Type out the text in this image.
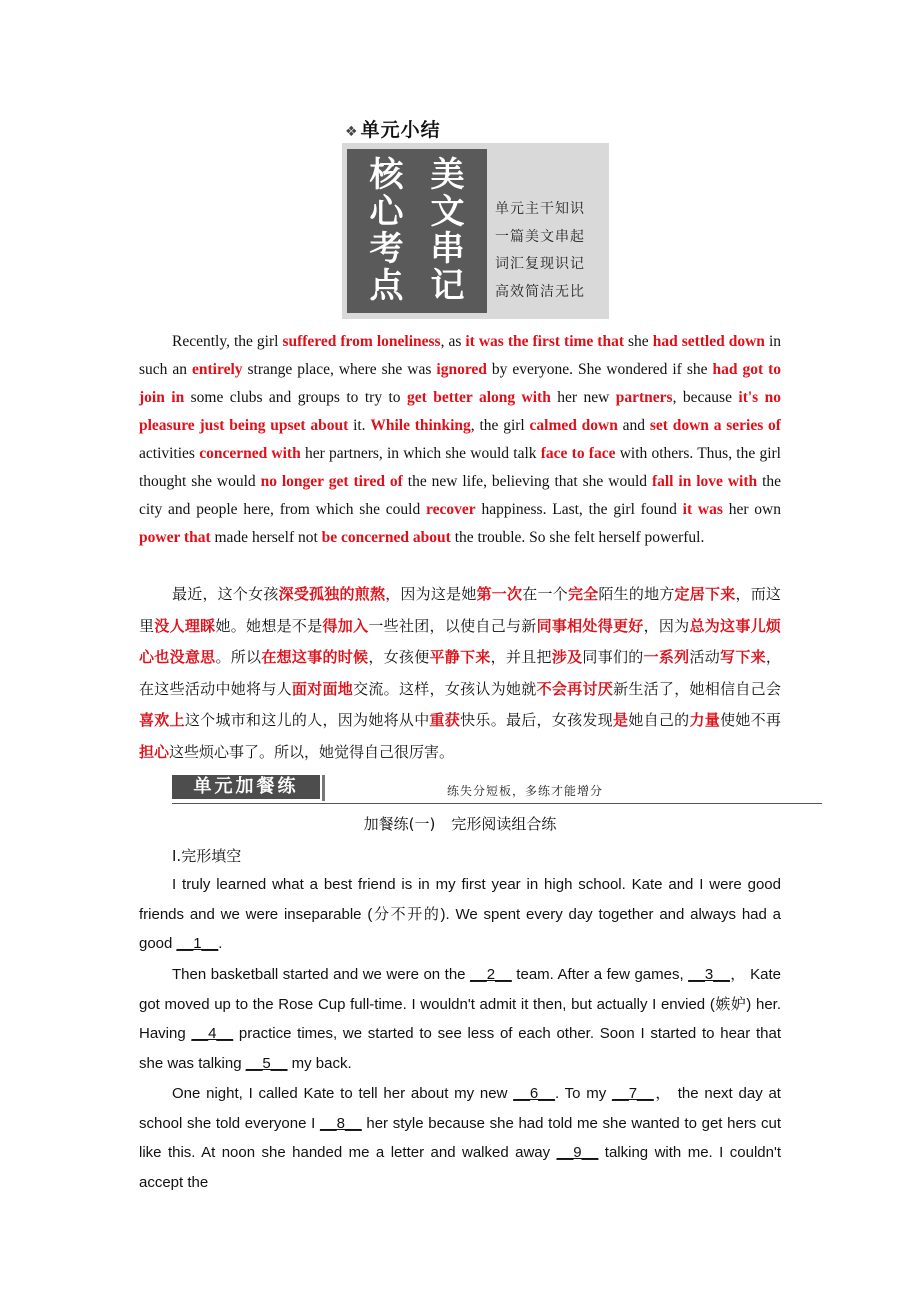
❖ 单元小结
核 美
心 文
考 串
点 记
单元主干知识
一篇美文串起
词汇复现识记
高效简洁无比
Recently, the girl suffered from loneliness, as it was the first time that she had settled down in such an entirely strange place, where she was ignored by everyone. She wondered if she had got to join in some clubs and groups to try to get better along with her new partners, because it's no pleasure just being upset about it. While thinking, the girl calmed down and set down a series of activities concerned with her partners, in which she would talk face to face with others. Thus, the girl thought she would no longer get tired of the new life, believing that she would fall in love with the city and people here, from which she could recover happiness. Last, the girl found it was her own power that made herself not be concerned about the trouble. So she felt herself powerful.
最近，这个女孩深受孤独的煎熬，因为这是她第一次在一个完全陌生的地方定居下来，而这里没人理睬她。她想是不是得加入一些社团，以使自己与新同事相处得更好，因为总为这事儿烦心也没意思。所以在想这事的时候，女孩便平静下来，并且把涉及同事们的一系列活动写下来，在这些活动中她将与人面对面地交流。这样，女孩认为她就不会再讨厌新生活了，她相信自己会喜欢上这个城市和这儿的人，因为她将从中重获快乐。最后，女孩发现是她自己的力量使她不再担心这些烦心事了。所以，她觉得自己很厉害。
单元加餐练	练失分短板，多练才能增分
加餐练(一) 完形阅读组合练
Ⅰ.完形填空
I truly learned what a best friend is in my first year in high school. Kate and I were good friends and we were inseparable (分不开的). We spent every day together and always had a good __1__.
Then basketball started and we were on the __2__ team. After a few games, __3__， Kate got moved up to the Rose Cup full-time. I wouldn't admit it then, but actually I envied (嫉妒) her. Having __4__ practice times, we started to see less of each other. Soon I started to hear that she was talking __5__ my back.
One night, I called Kate to tell her about my new __6__. To my __7__， the next day at school she told everyone I __8__ her style because she had told me she wanted to get hers cut like this. At noon she handed me a letter and walked away __9__ talking with me. I couldn't accept the
